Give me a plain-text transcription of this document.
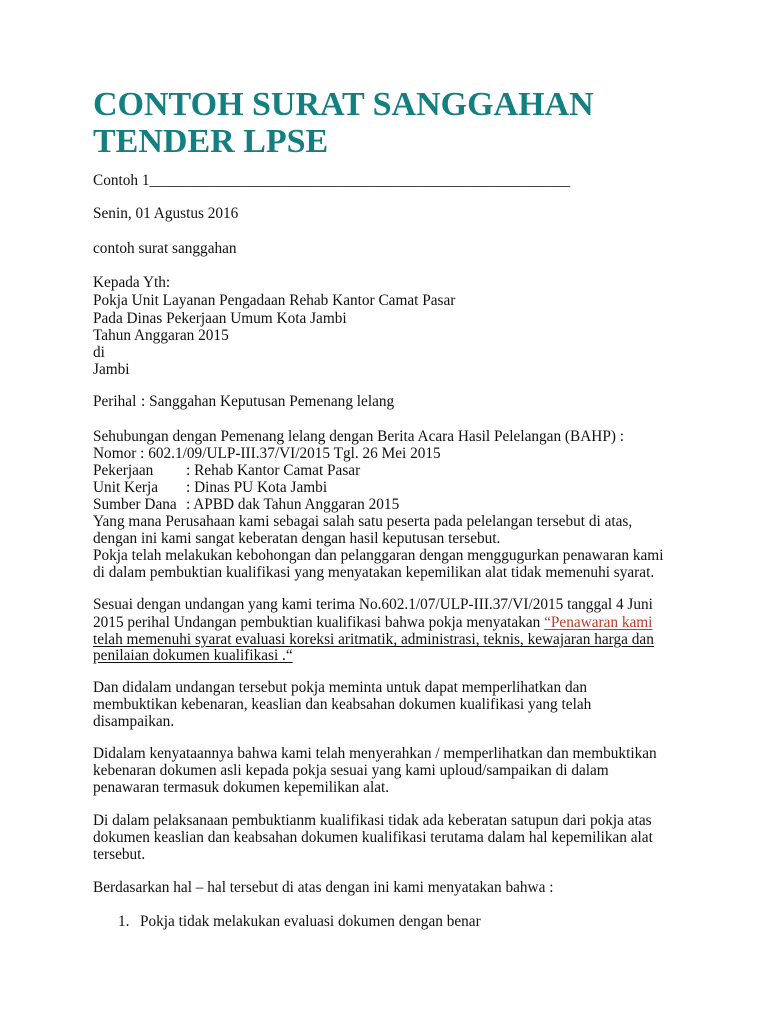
CONTOH SURAT SANGGAHAN
TENDER LPSE
Contoh 1_______________________________________________________
Senin, 01 Agustus 2016
contoh surat sanggahan
Kepada Yth:
Pokja Unit Layanan Pengadaan Rehab Kantor Camat Pasar
Pada Dinas Pekerjaan Umum Kota Jambi
Tahun Anggaran 2015
di
Jambi
Perihal : Sanggahan Keputusan Pemenang lelang
Sehubungan dengan Pemenang lelang dengan Berita Acara Hasil Pelelangan (BAHP) :
Nomor : 602.1/09/ULP-III.37/VI/2015 Tgl. 26 Mei 2015
Pekerjaan : Rehab Kantor Camat Pasar
Unit Kerja : Dinas PU Kota Jambi
Sumber Dana : APBD dak Tahun Anggaran 2015
Yang mana Perusahaan kami sebagai salah satu peserta pada pelelangan tersebut di atas,
dengan ini kami sangat keberatan dengan hasil keputusan tersebut.
Pokja telah melakukan kebohongan dan pelanggaran dengan menggugurkan penawaran kami
di dalam pembuktian kualifikasi yang menyatakan kepemilikan alat tidak memenuhi syarat.
Sesuai dengan undangan yang kami terima No.602.1/07/ULP-III.37/VI/2015 tanggal 4 Juni
2015 perihal Undangan pembuktian kualifikasi bahwa pokja menyatakan “Penawaran kami
telah memenuhi syarat evaluasi koreksi aritmatik, administrasi, teknis, kewajaran harga dan
penilaian dokumen kualifikasi .“
Dan didalam undangan tersebut pokja meminta untuk dapat memperlihatkan dan
membuktikan kebenaran, keaslian dan keabsahan dokumen kualifikasi yang telah
disampaikan.
Didalam kenyataannya bahwa kami telah menyerahkan / memperlihatkan dan membuktikan
kebenaran dokumen asli kepada pokja sesuai yang kami uploud/sampaikan di dalam
penawaran termasuk dokumen kepemilikan alat.
Di dalam pelaksanaan pembuktianm kualifikasi tidak ada keberatan satupun dari pokja atas
dokumen keaslian dan keabsahan dokumen kualifikasi terutama dalam hal kepemilikan alat
tersebut.
Berdasarkan hal – hal tersebut di atas dengan ini kami menyatakan bahwa :
1. Pokja tidak melakukan evaluasi dokumen dengan benar
